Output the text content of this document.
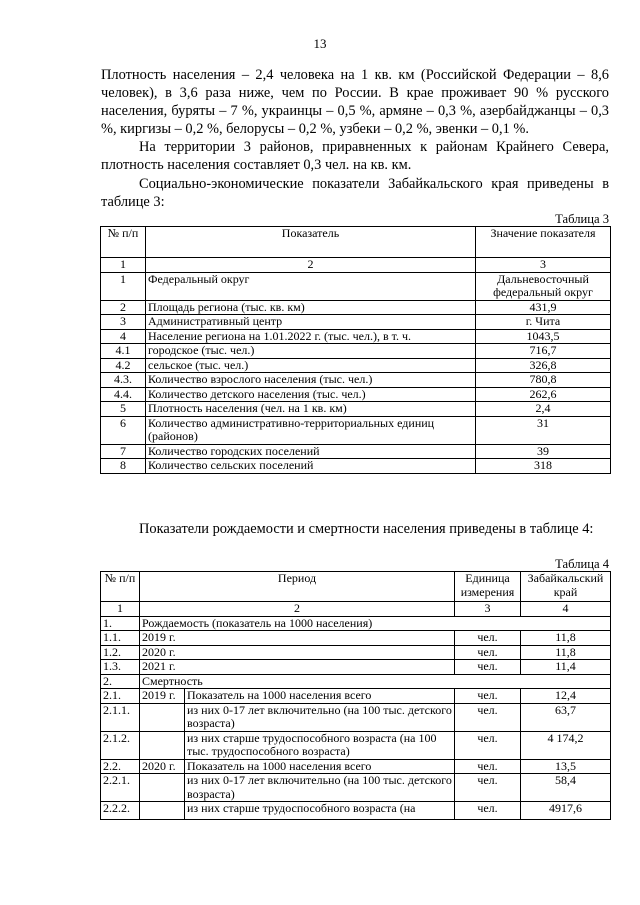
13

Плотность населения – 2,4 человека на 1 кв. км (Российской Федерации – 8,6 человек), в 3,6 раза ниже, чем по России. В крае проживает 90 % русского населения, буряты – 7 %, украинцы – 0,5 %, армяне – 0,3 %, азербайджанцы – 0,3 %, киргизы – 0,2 %, белорусы – 0,2 %, узбеки – 0,2 %, эвенки – 0,1 %.

На территории 3 районов, приравненных к районам Крайнего Севера, плотность населения составляет 0,3 чел. на кв. км.

Социально-экономические показатели Забайкальского края приведены в таблице 3:

Таблица 3
№ п/п	Показатель	Значение показателя
1	2	3
1	Федеральный округ	Дальневосточный федеральный округ
2	Площадь региона (тыс. кв. км)	431,9
3	Административный центр	г. Чита
4	Население региона на 1.01.2022 г. (тыс. чел.), в т. ч.	1043,5
4.1	городское (тыс. чел.)	716,7
4.2	сельское (тыс. чел.)	326,8
4.3.	Количество взрослого населения (тыс. чел.)	780,8
4.4.	Количество детского населения (тыс. чел.)	262,6
5	Плотность населения (чел. на 1 кв. км)	2,4
6	Количество административно-территориальных единиц (районов)	31
7	Количество городских поселений	39
8	Количество сельских поселений	318

Показатели рождаемости и смертности населения приведены в таблице 4:

Таблица 4
№ п/п	Период		Единица измерения	Забайкальский край
1	2		3	4
1.	Рождаемость (показатель на 1000 населения)			
1.1.	2019 г.		чел.	11,8
1.2.	2020 г.		чел.	11,8
1.3.	2021 г.		чел.	11,4
2.	Смертность			
2.1.	2019 г.	Показатель на 1000 населения всего	чел.	12,4
2.1.1.		из них 0-17 лет включительно (на 100 тыс. детского возраста)	чел.	63,7
2.1.2.		из них старше трудоспособного возраста (на 100 тыс. трудоспособного возраста)	чел.	4 174,2
2.2.	2020 г.	Показатель на 1000 населения всего	чел.	13,5
2.2.1.		из них 0-17 лет включительно (на 100 тыс. детского возраста)	чел.	58,4
2.2.2.		из них старше трудоспособного возраста (на	чел.	4917,6
